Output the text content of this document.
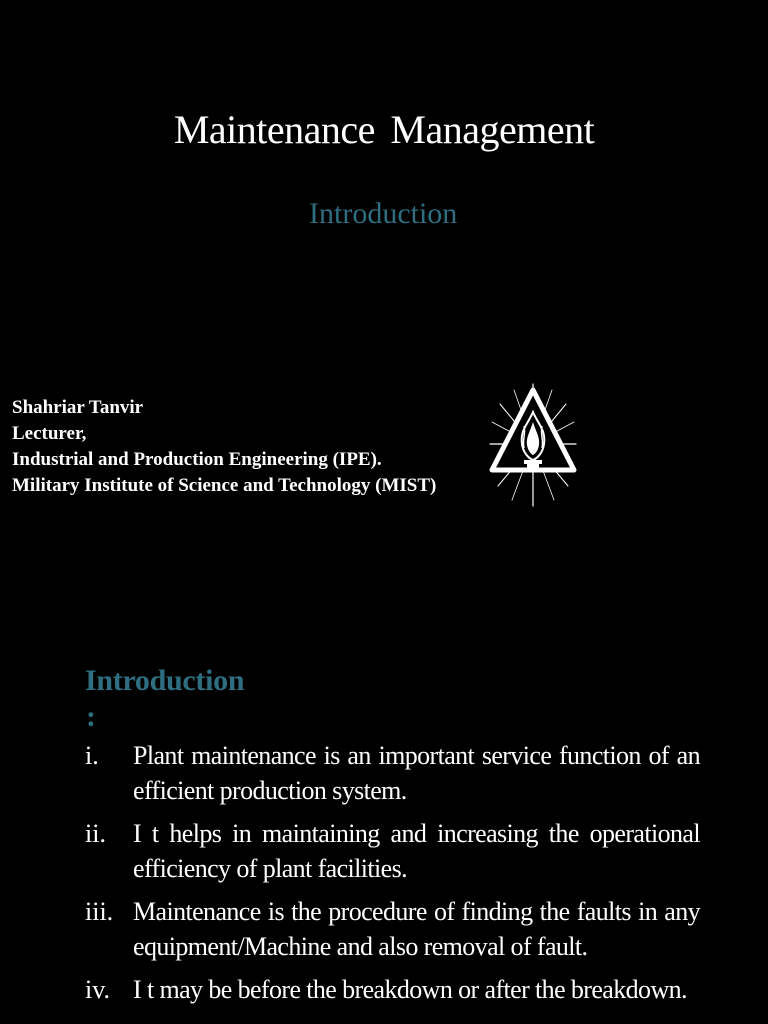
Maintenance Management
Introduction
Shahriar Tanvir
Lecturer,
Industrial and Production Engineering (IPE).
Military Institute of Science and Technology (MIST)
Introduction
:
i. Plant maintenance is an important service function of an efficient production system.
ii. I t helps in maintaining and increasing the operational efficiency of plant facilities.
iii. Maintenance is the procedure of finding the faults in any equipment/Machine and also removal of fault.
iv. I t may be before the breakdown or after the breakdown.
